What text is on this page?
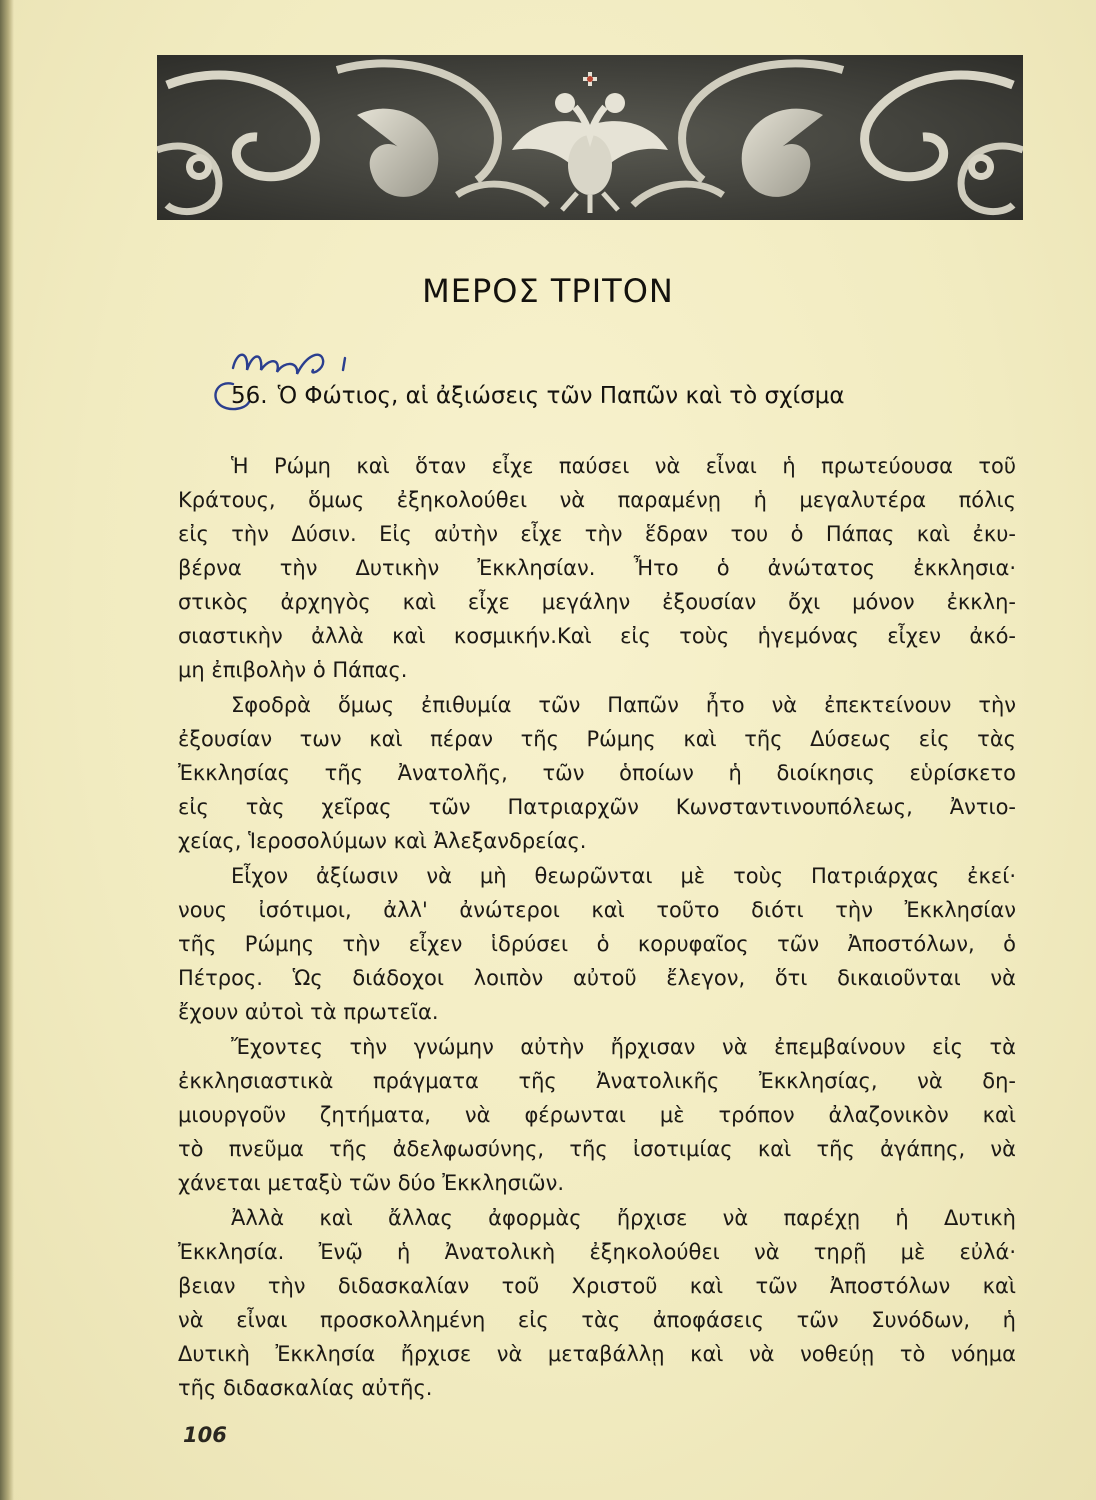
ΜΕΡΟΣ ΤΡΙΤΟΝ
56. Ὁ Φώτιος, αἱ ἀξιώσεις τῶν Παπῶν καὶ τὸ σχίσμα
Ἡ Ρώμη καὶ ὅταν εἶχε παύσει νὰ εἶναι ἡ πρωτεύουσα τοῦ
Κράτους, ὅμως ἐξηκολούθει νὰ παραμένῃ ἡ μεγαλυτέρα πόλις
εἰς τὴν Δύσιν. Εἰς αὐτὴν εἶχε τὴν ἕδραν του ὁ Πάπας καὶ ἐκυ-
βέρνα τὴν Δυτικὴν Ἐκκλησίαν. Ἦτο ὁ ἀνώτατος ἐκκλησια·
στικὸς ἀρχηγὸς καὶ εἶχε μεγάλην ἐξουσίαν ὄχι μόνον ἐκκλη-
σιαστικὴν ἀλλὰ καὶ κοσμικήν.Καὶ εἰς τοὺς ἡγεμόνας εἶχεν ἀκό-
μη ἐπιβολὴν ὁ Πάπας.
Σφοδρὰ ὅμως ἐπιθυμία τῶν Παπῶν ἦτο νὰ ἐπεκτείνουν τὴν
ἐξουσίαν των καὶ πέραν τῆς Ρώμης καὶ τῆς Δύσεως εἰς τὰς
Ἐκκλησίας τῆς Ἀνατολῆς, τῶν ὁποίων ἡ διοίκησις εὑρίσκετο
εἰς τὰς χεῖρας τῶν Πατριαρχῶν Κωνσταντινουπόλεως, Ἀντιο-
χείας, Ἱεροσολύμων καὶ Ἀλεξανδρείας.
Εἶχον ἀξίωσιν νὰ μὴ θεωρῶνται μὲ τοὺς Πατριάρχας ἐκεί·
νους ἰσότιμοι, ἀλλ' ἀνώτεροι καὶ τοῦτο διότι τὴν Ἐκκλησίαν
τῆς Ρώμης τὴν εἶχεν ἱδρύσει ὁ κορυφαῖος τῶν Ἀποστόλων, ὁ
Πέτρος. Ὡς διάδοχοι λοιπὸν αὐτοῦ ἔλεγον, ὅτι δικαιοῦνται νὰ
ἔχουν αὐτοὶ τὰ πρωτεῖα.
Ἔχοντες τὴν γνώμην αὐτὴν ἤρχισαν νὰ ἐπεμβαίνουν εἰς τὰ
ἐκκλησιαστικὰ πράγματα τῆς Ἀνατολικῆς Ἐκκλησίας, νὰ δη-
μιουργοῦν ζητήματα, νὰ φέρωνται μὲ τρόπον ἀλαζονικὸν καὶ
τὸ πνεῦμα τῆς ἀδελφωσύνης, τῆς ἰσοτιμίας καὶ τῆς ἀγάπης, νὰ
χάνεται μεταξὺ τῶν δύο Ἐκκλησιῶν.
Ἀλλὰ καὶ ἄλλας ἀφορμὰς ἤρχισε νὰ παρέχῃ ἡ Δυτικὴ
Ἐκκλησία. Ἐνῷ ἡ Ἀνατολικὴ ἐξηκολούθει νὰ τηρῇ μὲ εὐλά·
βειαν τὴν διδασκαλίαν τοῦ Χριστοῦ καὶ τῶν Ἀποστόλων καὶ
νὰ εἶναι προσκολλημένη εἰς τὰς ἀποφάσεις τῶν Συνόδων, ἡ
Δυτικὴ Ἐκκλησία ἤρχισε νὰ μεταβάλλῃ καὶ νὰ νοθεύῃ τὸ νόημα
τῆς διδασκαλίας αὐτῆς.
106
